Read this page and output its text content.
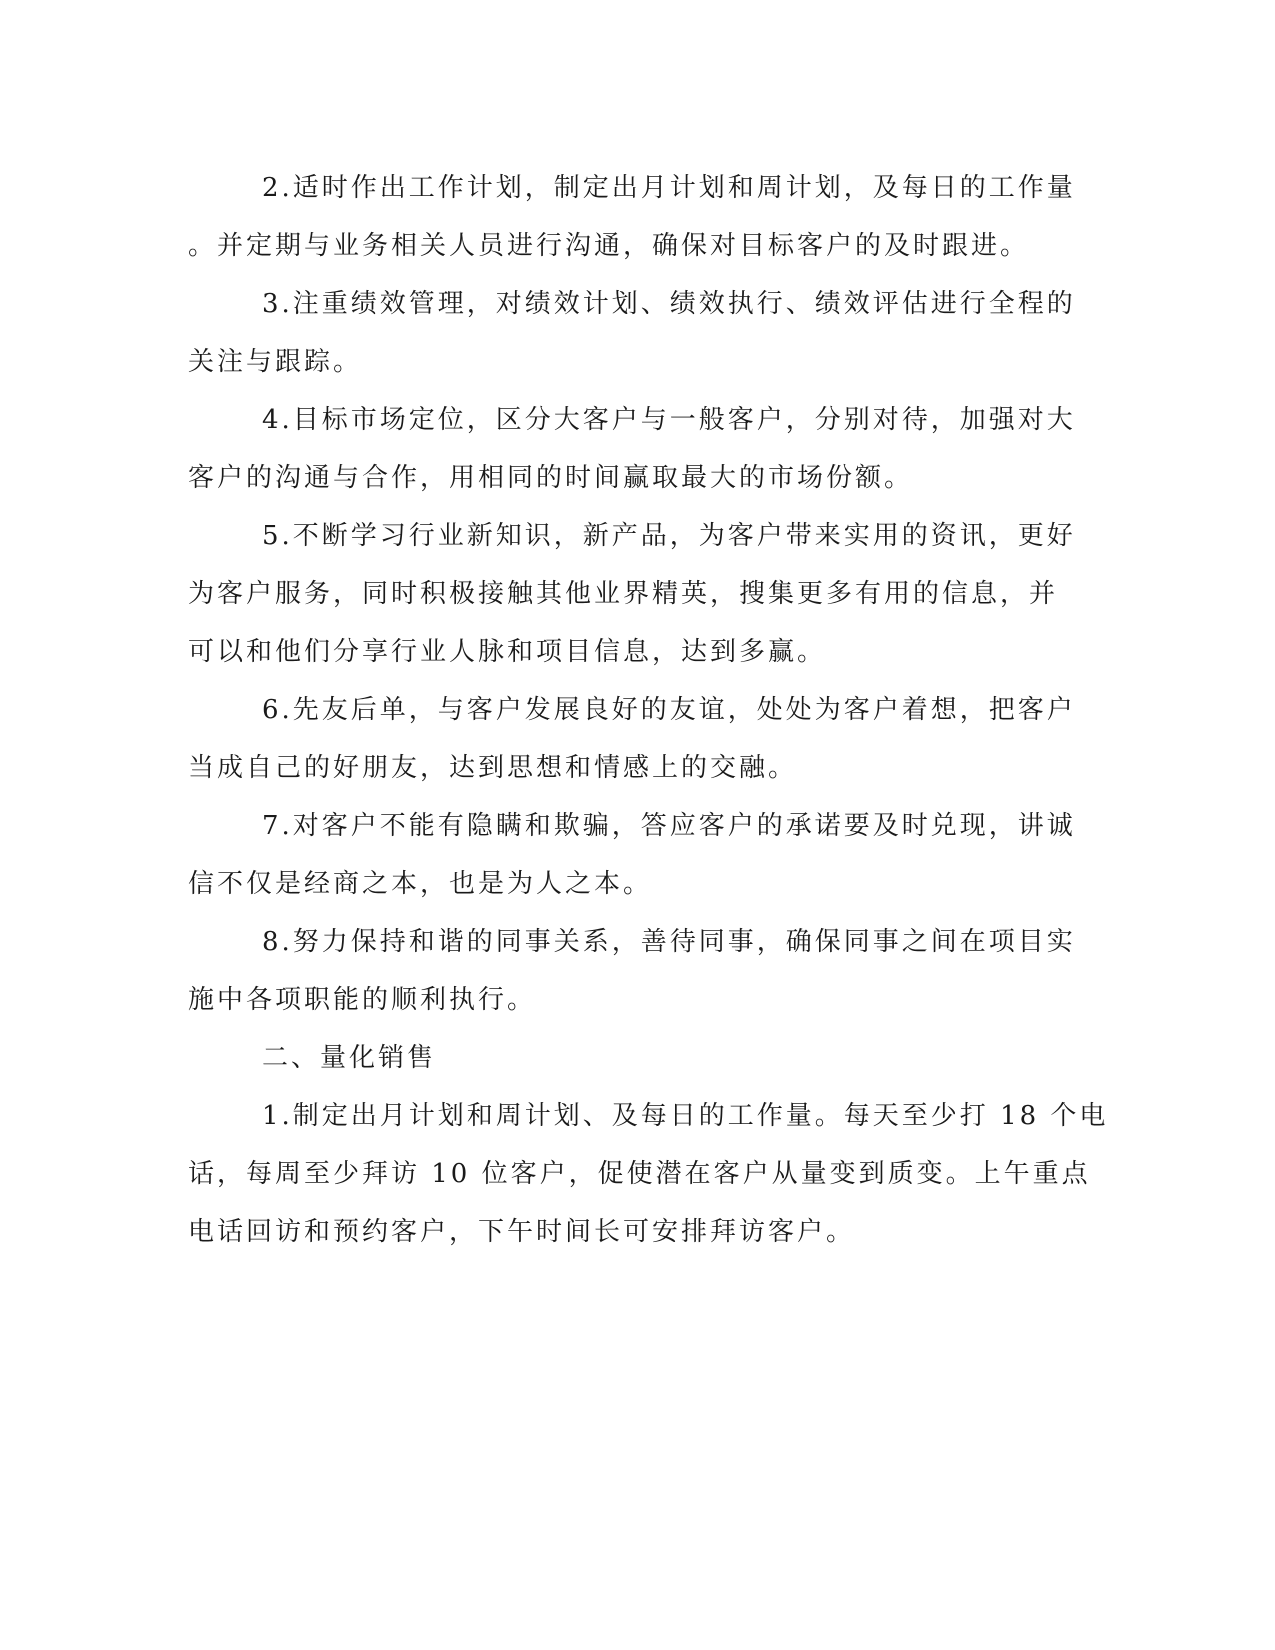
2.适时作出工作计划，制定出月计划和周计划，及每日的工作量

。并定期与业务相关人员进行沟通，确保对目标客户的及时跟进。

3.注重绩效管理，对绩效计划、绩效执行、绩效评估进行全程的

关注与跟踪。

4.目标市场定位，区分大客户与一般客户，分别对待，加强对大

客户的沟通与合作，用相同的时间赢取最大的市场份额。

5.不断学习行业新知识，新产品，为客户带来实用的资讯，更好

为客户服务，同时积极接触其他业界精英，搜集更多有用的信息，并

可以和他们分享行业人脉和项目信息，达到多赢。

6.先友后单，与客户发展良好的友谊，处处为客户着想，把客户

当成自己的好朋友，达到思想和情感上的交融。

7.对客户不能有隐瞒和欺骗，答应客户的承诺要及时兑现，讲诚

信不仅是经商之本，也是为人之本。

8.努力保持和谐的同事关系，善待同事，确保同事之间在项目实

施中各项职能的顺利执行。

二、量化销售

1.制定出月计划和周计划、及每日的工作量。每天至少打 18 个电

话，每周至少拜访 10 位客户，促使潜在客户从量变到质变。上午重点

电话回访和预约客户，下午时间长可安排拜访客户。
